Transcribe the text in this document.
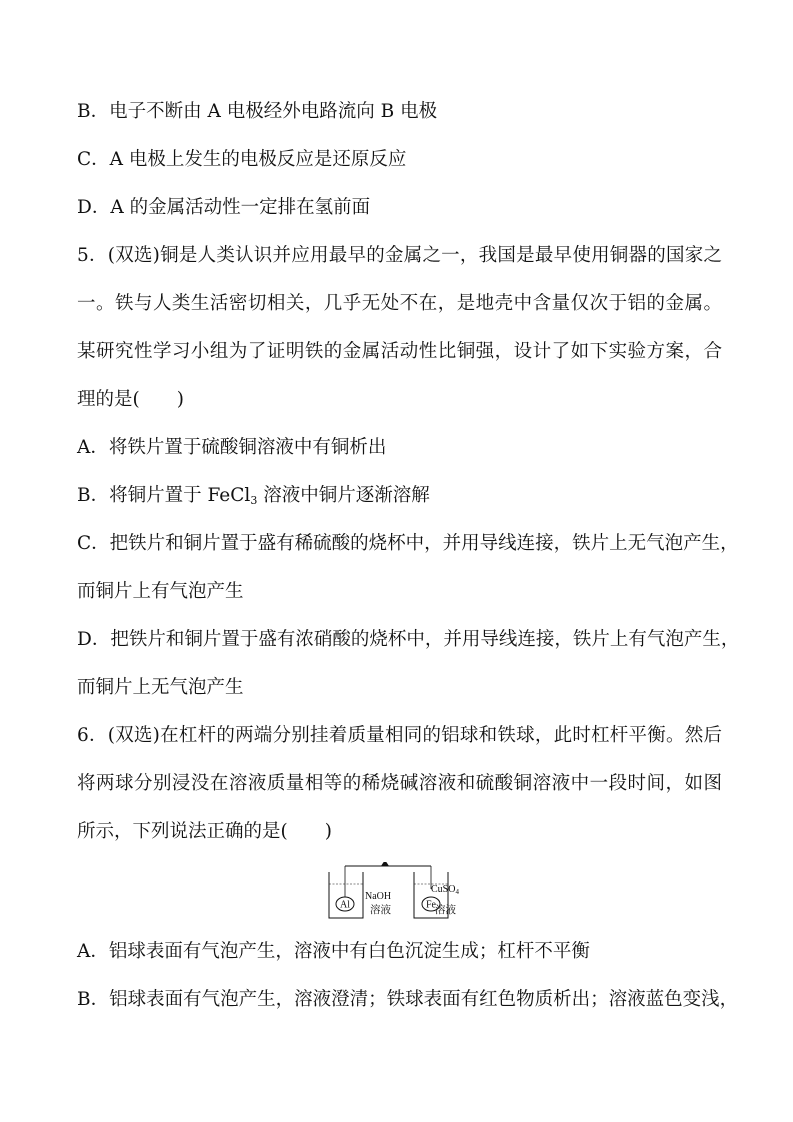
B．电子不断由 A 电极经外电路流向 B 电极

C．A 电极上发生的电极反应是还原反应

D．A 的金属活动性一定排在氢前面

5．(双选)铜是人类认识并应用最早的金属之一，我国是最早使用铜器的国家之

一。铁与人类生活密切相关，几乎无处不在，是地壳中含量仅次于铝的金属。

某研究性学习小组为了证明铁的金属活动性比铜强，设计了如下实验方案，合

理的是(　　)

A．将铁片置于硫酸铜溶液中有铜析出

B．将铜片置于 FeCl$_3$ 溶液中铜片逐渐溶解

C．把铁片和铜片置于盛有稀硫酸的烧杯中，并用导线连接，铁片上无气泡产生，

而铜片上有气泡产生

D．把铁片和铜片置于盛有浓硝酸的烧杯中，并用导线连接，铁片上有气泡产生，

而铜片上无气泡产生

6．(双选)在杠杆的两端分别挂着质量相同的铝球和铁球，此时杠杆平衡。然后

将两球分别浸没在溶液质量相等的稀烧碱溶液和硫酸铜溶液中一段时间，如图

所示，下列说法正确的是(　　)

Al	Fe
NaOH
溶液
CuSO$_4$
溶液

A．铝球表面有气泡产生，溶液中有白色沉淀生成；杠杆不平衡

B．铝球表面有气泡产生，溶液澄清；铁球表面有红色物质析出；溶液蓝色变浅，
